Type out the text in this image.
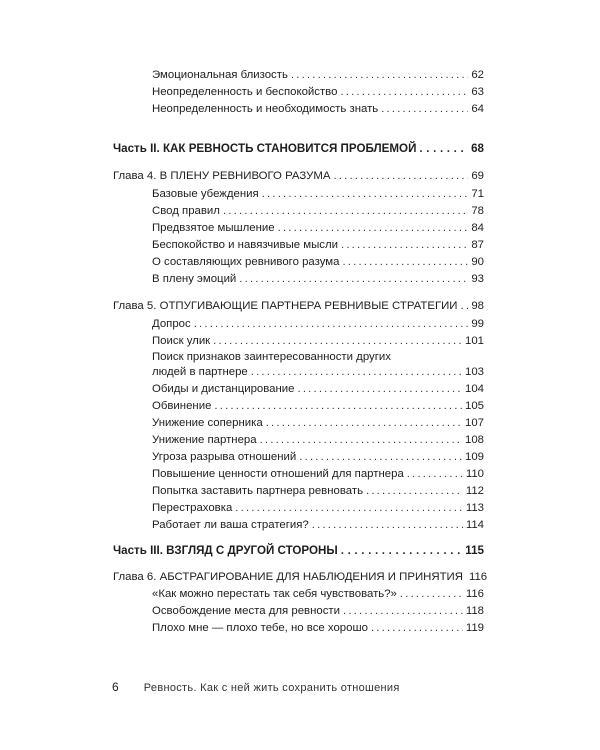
Эмоциональная близость . . .	62
Неопределенность и беспокойство . . .	63
Неопределенность и необходимость знать . . .	64
Часть II. КАК РЕВНОСТЬ СТАНОВИТСЯ ПРОБЛЕМОЙ . . .	68
Глава 4. В ПЛЕНУ РЕВНИВОГО РАЗУМА . . .	69
Базовые убеждения . . .	71
Свод правил . . .	78
Предвзятое мышление . . .	84
Беспокойство и навязчивые мысли . . .	87
О составляющих ревнивого разума . . .	90
В плену эмоций . . .	93
Глава 5. ОТПУГИВАЮЩИЕ ПАРТНЕРА РЕВНИВЫЕ СТРАТЕГИИ . . . 98
Допрос . . .	99
Поиск улик . . .	101
Поиск признаков заинтересованности других
людей в партнере . . .	103
Обиды и дистанцирование . . .	104
Обвинение . . .	105
Унижение соперника . . .	107
Унижение партнера . . .	108
Угроза разрыва отношений . . .	109
Повышение ценности отношений для партнера . . .	110
Попытка заставить партнера ревновать . . .	112
Перестраховка . . .	113
Работает ли ваша стратегия? . . .	114
Часть III. ВЗГЛЯД С ДРУГОЙ СТОРОНЫ . . .	115
Глава 6. АБСТРАГИРОВАНИЕ ДЛЯ НАБЛЮДЕНИЯ И ПРИНЯТИЯ 116
«Как можно перестать так себя чувствовать?» . . .	116
Освобождение места для ревности . . .	118
Плохо мне — плохо тебе, но все хорошо . . .	119
6 Ревность. Как с ней жить сохранить отношения
